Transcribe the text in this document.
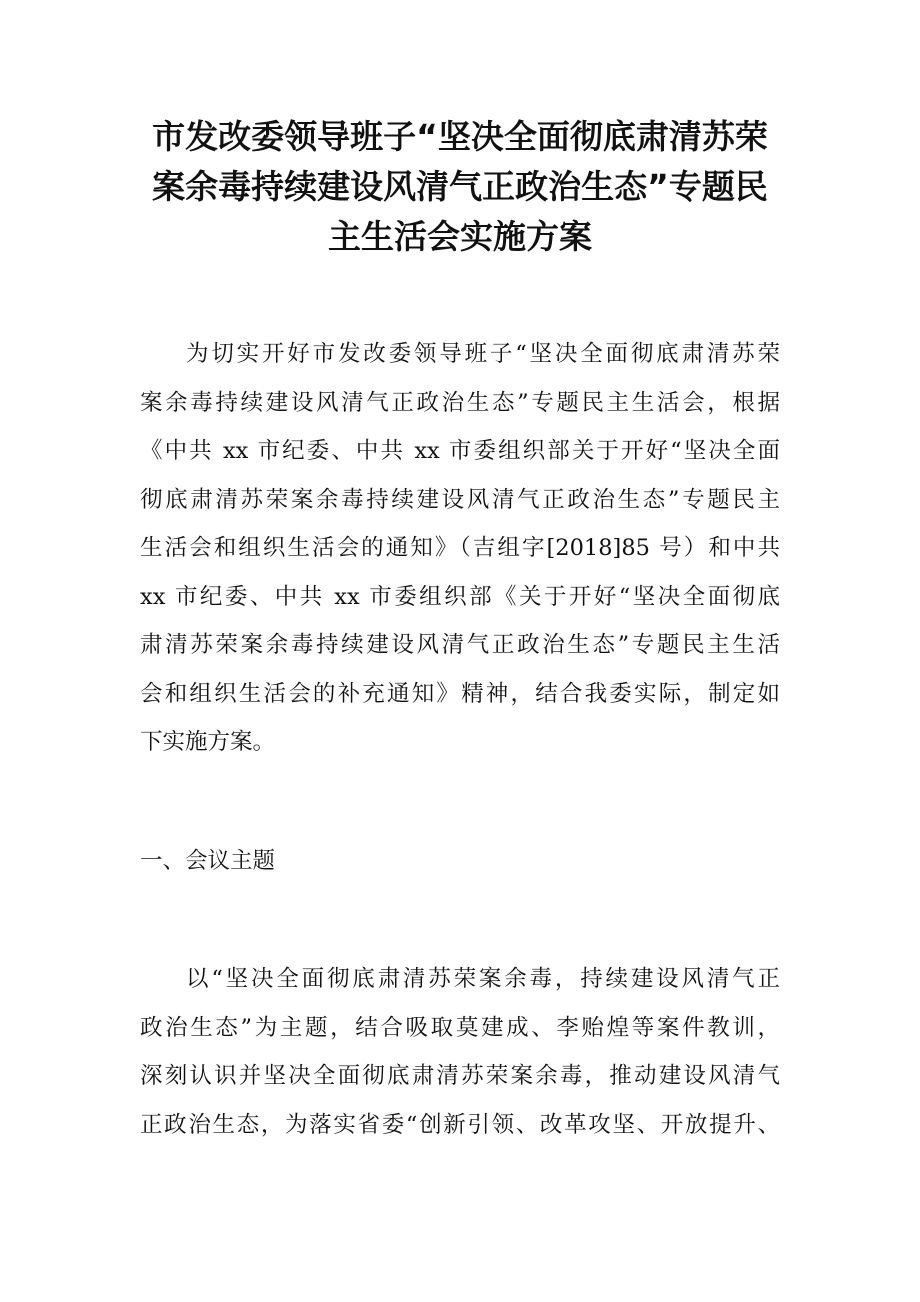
市发改委领导班子“坚决全面彻底肃清苏荣
案余毒持续建设风清气正政治生态”专题民
主生活会实施方案
为切实开好市发改委领导班子“坚决全面彻底肃清苏荣
案余毒持续建设风清气正政治生态”专题民主生活会，根据
《中共 xx 市纪委、中共 xx 市委组织部关于开好“坚决全面
彻底肃清苏荣案余毒持续建设风清气正政治生态”专题民主
生活会和组织生活会的通知》（吉组字[2018]85 号）和中共
xx 市纪委、中共 xx 市委组织部《关于开好“坚决全面彻底
肃清苏荣案余毒持续建设风清气正政治生态”专题民主生活
会和组织生活会的补充通知》精神，结合我委实际，制定如
下实施方案。
一、会议主题
以“坚决全面彻底肃清苏荣案余毒，持续建设风清气正
政治生态”为主题，结合吸取莫建成、李贻煌等案件教训，
深刻认识并坚决全面彻底肃清苏荣案余毒，推动建设风清气
正政治生态，为落实省委“创新引领、改革攻坚、开放提升、
